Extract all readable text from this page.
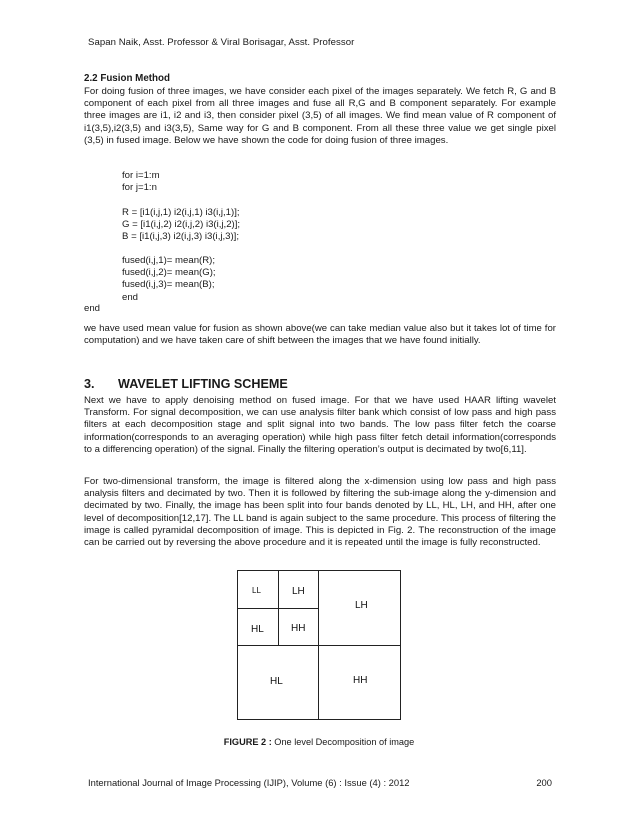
Sapan Naik, Asst. Professor & Viral Borisagar, Asst. Professor
2.2 Fusion Method

For doing fusion of three images, we have consider each pixel of the images separately. We fetch R, G and B component of each pixel from all three images and fuse all R,G and B component separately. For example three images are i1, i2 and i3, then consider pixel (3,5) of all images. We find mean value of R component of i1(3,5),i2(3,5) and i3(3,5), Same way for G and B component. From all these three value we get single pixel (3,5) in fused image. Below we have shown the code for doing fusion of three images.

for i=1:m
for j=1:n
R = [i1(i,j,1) i2(i,j,1) i3(i,j,1)];
G = [i1(i,j,2) i2(i,j,2) i3(i,j,2)];
B = [i1(i,j,3) i2(i,j,3) i3(i,j,3)];
fused(i,j,1)= mean(R);
fused(i,j,2)= mean(G);
fused(i,j,3)= mean(B);
end
end

we have used mean value for fusion as shown above(we can take median value also but it takes lot of time for computation) and we have taken care of shift between the images that we have found initially.

3. WAVELET LIFTING SCHEME

Next we have to apply denoising method on fused image. For that we have used HAAR lifting wavelet Transform. For signal decomposition, we can use analysis filter bank which consist of low pass and high pass filters at each decomposition stage and split signal into two bands. The low pass filter fetch the coarse information(corresponds to an averaging operation) while high pass filter fetch detail information(corresponds to a differencing operation) of the signal. Finally the filtering operation’s output is decimated by two[6,11].

For two-dimensional transform, the image is filtered along the x-dimension using low pass and high pass analysis filters and decimated by two. Then it is followed by filtering the sub-image along the y-dimension and decimated by two. Finally, the image has been split into four bands denoted by LL, HL, LH, and HH, after one level of decomposition[12,17]. The LL band is again subject to the same procedure. This process of filtering the image is called pyramidal decomposition of image. This is depicted in Fig. 2. The reconstruction of the image can be carried out by reversing the above procedure and it is repeated until the image is fully reconstructed.

LL	LH
HL	HH
LH
HL	HH
FIGURE 2 : One level Decomposition of image
International Journal of Image Processing (IJIP), Volume (6) : Issue (4) : 2012	200
